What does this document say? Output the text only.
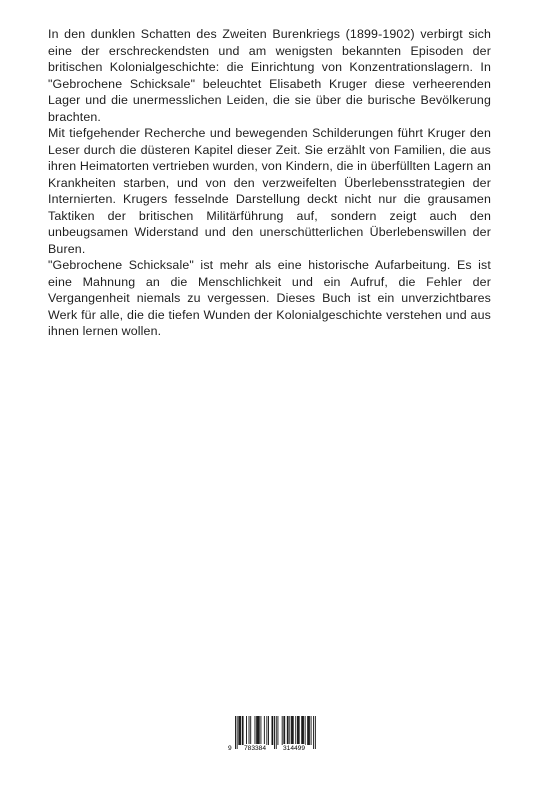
In den dunklen Schatten des Zweiten Burenkriegs (1899-1902) verbirgt sich eine der erschreckendsten und am wenigsten bekannten Episoden der britischen Kolonialgeschichte: die Einrichtung von Konzentrationslagern. In "Gebrochene Schicksale" beleuchtet Elisabeth Kruger diese verheerenden Lager und die unermesslichen Leiden, die sie über die burische Bevölkerung brachten.

Mit tiefgehender Recherche und bewegenden Schilderungen führt Kruger den Leser durch die düsteren Kapitel dieser Zeit. Sie erzählt von Familien, die aus ihren Heimatorten vertrieben wurden, von Kindern, die in überfüllten Lagern an Krankheiten starben, und von den verzweifelten Überlebensstrategien der Internierten. Krugers fesselnde Darstellung deckt nicht nur die grausamen Taktiken der britischen Militärführung auf, sondern zeigt auch den unbeugsamen Widerstand und den unerschütterlichen Überlebenswillen der Buren.

"Gebrochene Schicksale" ist mehr als eine historische Aufarbeitung. Es ist eine Mahnung an die Menschlichkeit und ein Aufruf, die Fehler der Vergangenheit niemals zu vergessen. Dieses Buch ist ein unverzichtbares Werk für alle, die die tiefen Wunden der Kolonialgeschichte verstehen und aus ihnen lernen wollen.

9 783384	314499
